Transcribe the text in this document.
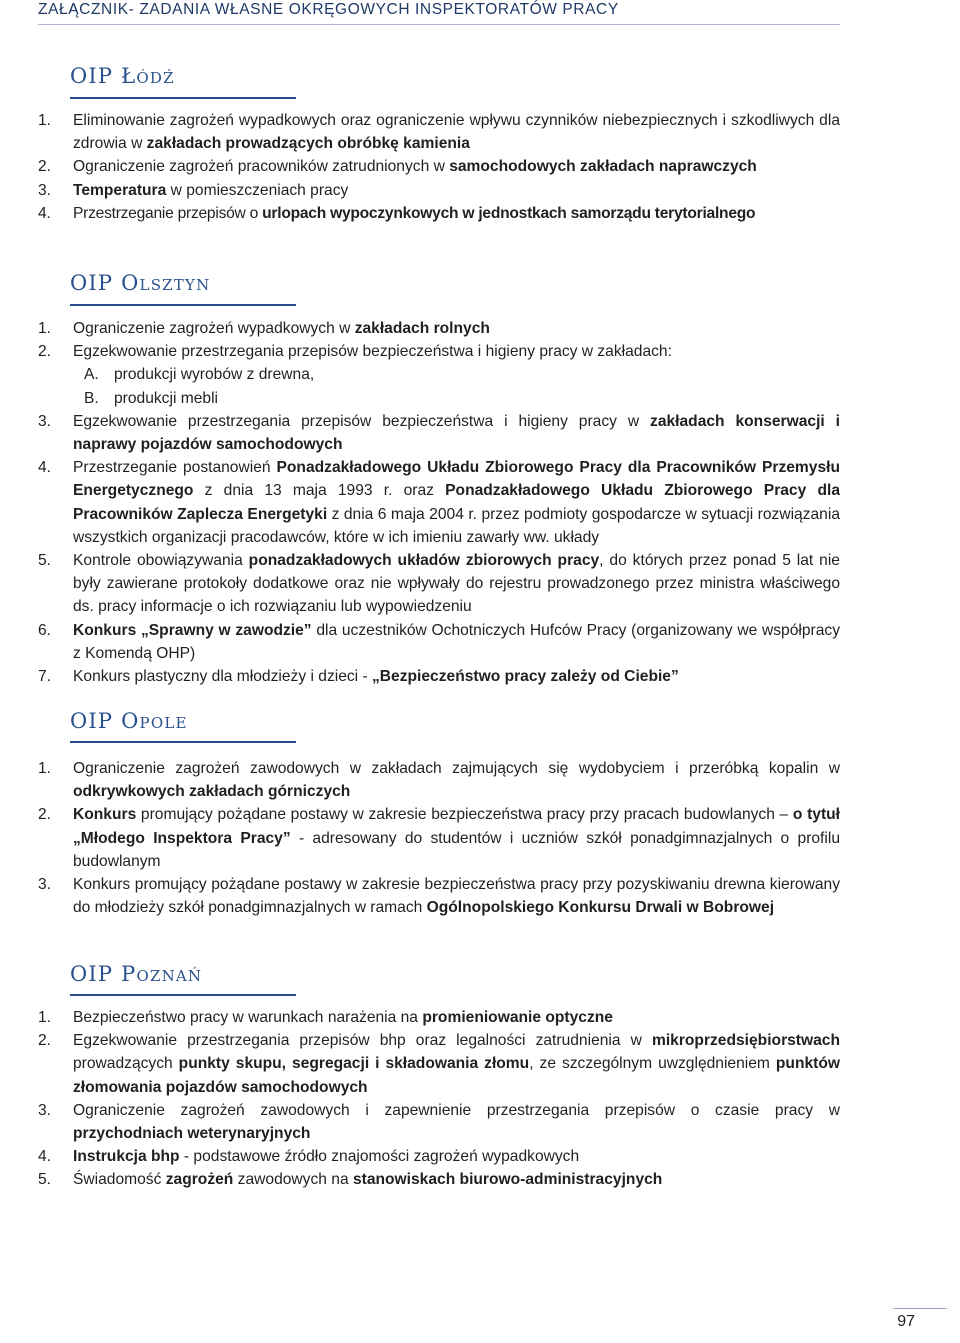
ZAŁĄCZNIK- ZADANIA WŁASNE OKRĘGOWYCH INSPEKTORATÓW PRACY
OIP Łódź
1. Eliminowanie zagrożeń wypadkowych oraz ograniczenie wpływu czynników niebezpiecznych i szkodliwych dla zdrowia w zakładach prowadzących obróbkę kamienia
2. Ograniczenie zagrożeń pracowników zatrudnionych w samochodowych zakładach naprawczych
3. Temperatura w pomieszczeniach pracy
4. Przestrzeganie przepisów o urlopach wypoczynkowych w jednostkach samorządu terytorialnego
OIP Olsztyn
1. Ograniczenie zagrożeń wypadkowych w zakładach rolnych
2. Egzekwowanie przestrzegania przepisów bezpieczeństwa i higieny pracy w zakładach:
A. produkcji wyrobów z drewna,
B. produkcji mebli
3. Egzekwowanie przestrzegania przepisów bezpieczeństwa i higieny pracy w zakładach konserwacji i naprawy pojazdów samochodowych
4. Przestrzeganie postanowień Ponadzakładowego Układu Zbiorowego Pracy dla Pracowników Przemysłu Energetycznego z dnia 13 maja 1993 r. oraz Ponadzakładowego Układu Zbiorowego Pracy dla Pracowników Zaplecza Energetyki z dnia 6 maja 2004 r. przez podmioty gospodarcze w sytuacji rozwiązania wszystkich organizacji pracodawców, które w ich imieniu zawarły ww. układy
5. Kontrole obowiązywania ponadzakładowych układów zbiorowych pracy, do których przez ponad 5 lat nie były zawierane protokoły dodatkowe oraz nie wpływały do rejestru prowadzonego przez ministra właściwego ds. pracy informacje o ich rozwiązaniu lub wypowiedzeniu
6. Konkurs „Sprawny w zawodzie” dla uczestników Ochotniczych Hufców Pracy (organizowany we współpracy z Komendą OHP)
7. Konkurs plastyczny dla młodzieży i dzieci - „Bezpieczeństwo pracy zależy od Ciebie”
OIP Opole
1. Ograniczenie zagrożeń zawodowych w zakładach zajmujących się wydobyciem i przeróbką kopalin w odkrywkowych zakładach górniczych
2. Konkurs promujący pożądane postawy w zakresie bezpieczeństwa pracy przy pracach budowlanych – o tytuł „Młodego Inspektora Pracy” - adresowany do studentów i uczniów szkół ponadgimnazjalnych o profilu budowlanym
3. Konkurs promujący pożądane postawy w zakresie bezpieczeństwa pracy przy pozyskiwaniu drewna kierowany do młodzieży szkół ponadgimnazjalnych w ramach Ogólnopolskiego Konkursu Drwali w Bobrowej
OIP Poznań
1. Bezpieczeństwo pracy w warunkach narażenia na promieniowanie optyczne
2. Egzekwowanie przestrzegania przepisów bhp oraz legalności zatrudnienia w mikroprzedsiębiorstwach prowadzących punkty skupu, segregacji i składowania złomu, ze szczególnym uwzględnieniem punktów złomowania pojazdów samochodowych
3. Ograniczenie zagrożeń zawodowych i zapewnienie przestrzegania przepisów o czasie pracy w przychodniach weterynaryjnych
4. Instrukcja bhp - podstawowe źródło znajomości zagrożeń wypadkowych
5. Świadomość zagrożeń zawodowych na stanowiskach biurowo-administracyjnych
97
